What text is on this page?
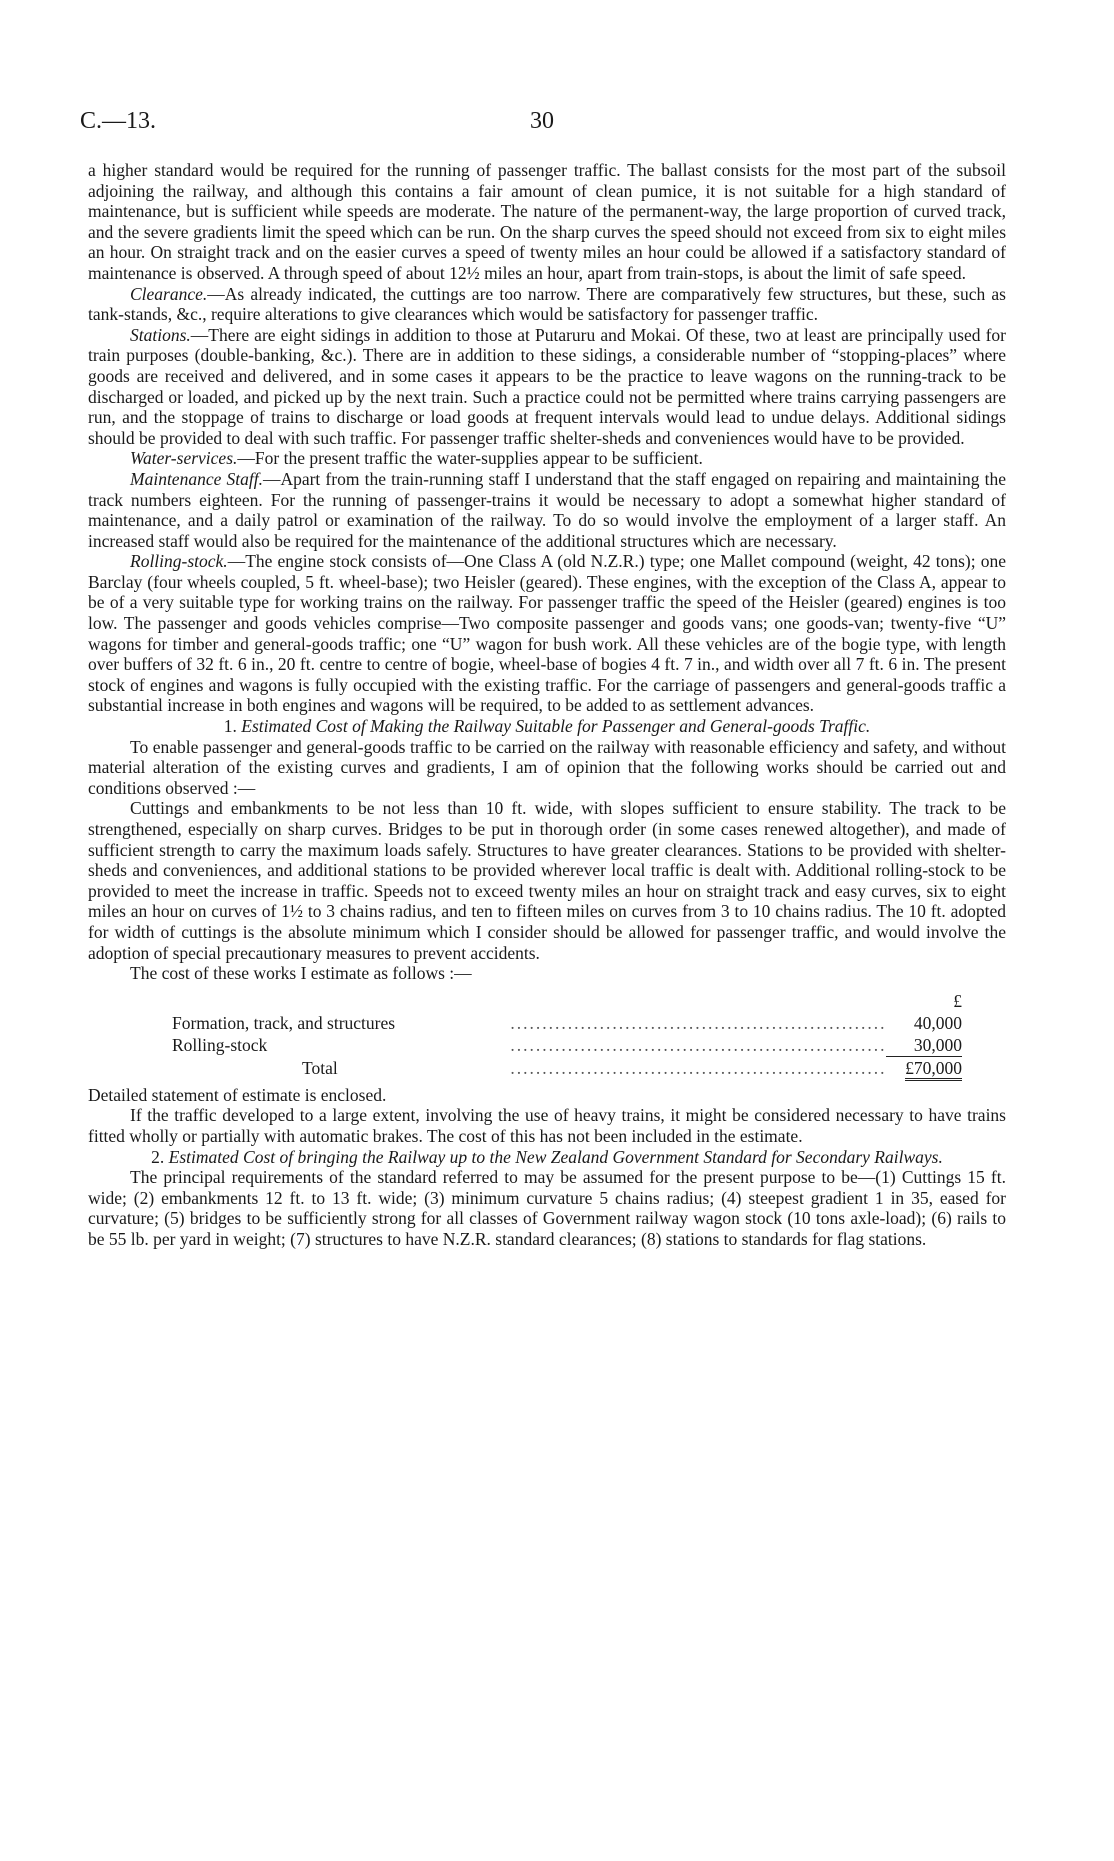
C.—13.	30

a higher standard would be required for the running of passenger traffic. The ballast consists for the most part of the subsoil adjoining the railway, and although this contains a fair amount of clean pumice, it is not suitable for a high standard of maintenance, but is sufficient while speeds are moderate. The nature of the permanent-way, the large proportion of curved track, and the severe gradients limit the speed which can be run. On the sharp curves the speed should not exceed from six to eight miles an hour. On straight track and on the easier curves a speed of twenty miles an hour could be allowed if a satisfactory standard of maintenance is observed. A through speed of about 12½ miles an hour, apart from train-stops, is about the limit of safe speed.

Clearance.—As already indicated, the cuttings are too narrow. There are comparatively few structures, but these, such as tank-stands, &c., require alterations to give clearances which would be satisfactory for passenger traffic.

Stations.—There are eight sidings in addition to those at Putaruru and Mokai. Of these, two at least are principally used for train purposes (double-banking, &c.). There are in addition to these sidings, a considerable number of “stopping-places” where goods are received and delivered, and in some cases it appears to be the practice to leave wagons on the running-track to be discharged or loaded, and picked up by the next train. Such a practice could not be permitted where trains carrying passengers are run, and the stoppage of trains to discharge or load goods at frequent intervals would lead to undue delays. Additional sidings should be provided to deal with such traffic. For passenger traffic shelter-sheds and conveniences would have to be provided.

Water-services.—For the present traffic the water-supplies appear to be sufficient.

Maintenance Staff.—Apart from the train-running staff I understand that the staff engaged on repairing and maintaining the track numbers eighteen. For the running of passenger-trains it would be necessary to adopt a somewhat higher standard of maintenance, and a daily patrol or examination of the railway. To do so would involve the employment of a larger staff. An increased staff would also be required for the maintenance of the additional structures which are necessary.

Rolling-stock.—The engine stock consists of—One Class A (old N.Z.R.) type; one Mallet compound (weight, 42 tons); one Barclay (four wheels coupled, 5 ft. wheel-base); two Heisler (geared). These engines, with the exception of the Class A, appear to be of a very suitable type for working trains on the railway. For passenger traffic the speed of the Heisler (geared) engines is too low. The passenger and goods vehicles comprise—Two composite passenger and goods vans; one goods-van; twenty-five “U” wagons for timber and general-goods traffic; one “U” wagon for bush work. All these vehicles are of the bogie type, with length over buffers of 32 ft. 6 in., 20 ft. centre to centre of bogie, wheel-base of bogies 4 ft. 7 in., and width over all 7 ft. 6 in. The present stock of engines and wagons is fully occupied with the existing traffic. For the carriage of passengers and general-goods traffic a substantial increase in both engines and wagons will be required, to be added to as settlement advances.

1. Estimated Cost of Making the Railway Suitable for Passenger and General-goods Traffic.

To enable passenger and general-goods traffic to be carried on the railway with reasonable efficiency and safety, and without material alteration of the existing curves and gradients, I am of opinion that the following works should be carried out and conditions observed :—

Cuttings and embankments to be not less than 10 ft. wide, with slopes sufficient to ensure stability. The track to be strengthened, especially on sharp curves. Bridges to be put in thorough order (in some cases renewed altogether), and made of sufficient strength to carry the maximum loads safely. Structures to have greater clearances. Stations to be provided with shelter-sheds and conveniences, and additional stations to be provided wherever local traffic is dealt with. Additional rolling-stock to be provided to meet the increase in traffic. Speeds not to exceed twenty miles an hour on straight track and easy curves, six to eight miles an hour on curves of 1½ to 3 chains radius, and ten to fifteen miles on curves from 3 to 10 chains radius. The 10 ft. adopted for width of cuttings is the absolute minimum which I consider should be allowed for passenger traffic, and would involve the adoption of special precautionary measures to prevent accidents.

The cost of these works I estimate as follows :—

		£
Formation, track, and structures	...........................................................	40,000
Rolling-stock	...........................................................	30,000
Total	...........................................................	£70,000

Detailed statement of estimate is enclosed.

If the traffic developed to a large extent, involving the use of heavy trains, it might be considered necessary to have trains fitted wholly or partially with automatic brakes. The cost of this has not been included in the estimate.

2. Estimated Cost of bringing the Railway up to the New Zealand Government Standard for Secondary Railways.

The principal requirements of the standard referred to may be assumed for the present purpose to be—(1) Cuttings 15 ft. wide; (2) embankments 12 ft. to 13 ft. wide; (3) minimum curvature 5 chains radius; (4) steepest gradient 1 in 35, eased for curvature; (5) bridges to be sufficiently strong for all classes of Government railway wagon stock (10 tons axle-load); (6) rails to be 55 lb. per yard in weight; (7) structures to have N.Z.R. standard clearances; (8) stations to standards for flag stations.
